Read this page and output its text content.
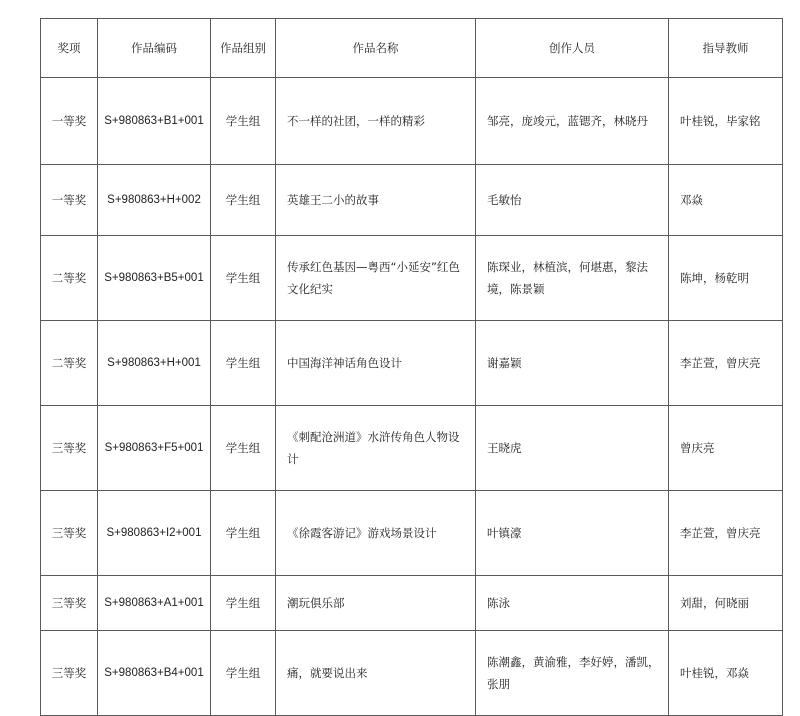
奖项	作品编码	作品组别	作品名称	创作人员	指导教师
一等奖	S+980863+B1+001	学生组	不一样的社团，一样的精彩	邹亮，庞竣元，蓝锶齐，林晓丹	叶桂锐，毕家铭
一等奖	S+980863+H+002	学生组	英雄王二小的故事	毛敏怡	邓焱
二等奖	S+980863+B5+001	学生组	传承红色基因—粤西“小延安”红色文化纪实	陈琛业，林植滨，何堪惠，黎法境，陈景颖	陈坤，杨乾明
二等奖	S+980863+H+001	学生组	中国海洋神话角色设计	谢嘉颖	李芷萱，曾庆亮
三等奖	S+980863+F5+001	学生组	《刺配沧洲道》水浒传角色人物设计	王晓虎	曾庆亮
三等奖	S+980863+I2+001	学生组	《徐霞客游记》游戏场景设计	叶镇濠	李芷萱，曾庆亮
三等奖	S+980863+A1+001	学生组	潮玩俱乐部	陈泳	刘甜，何晓丽
三等奖	S+980863+B4+001	学生组	痛，就要说出来	陈潮鑫，黄渝雅，李好婷，潘凯，张朋	叶桂锐，邓焱
